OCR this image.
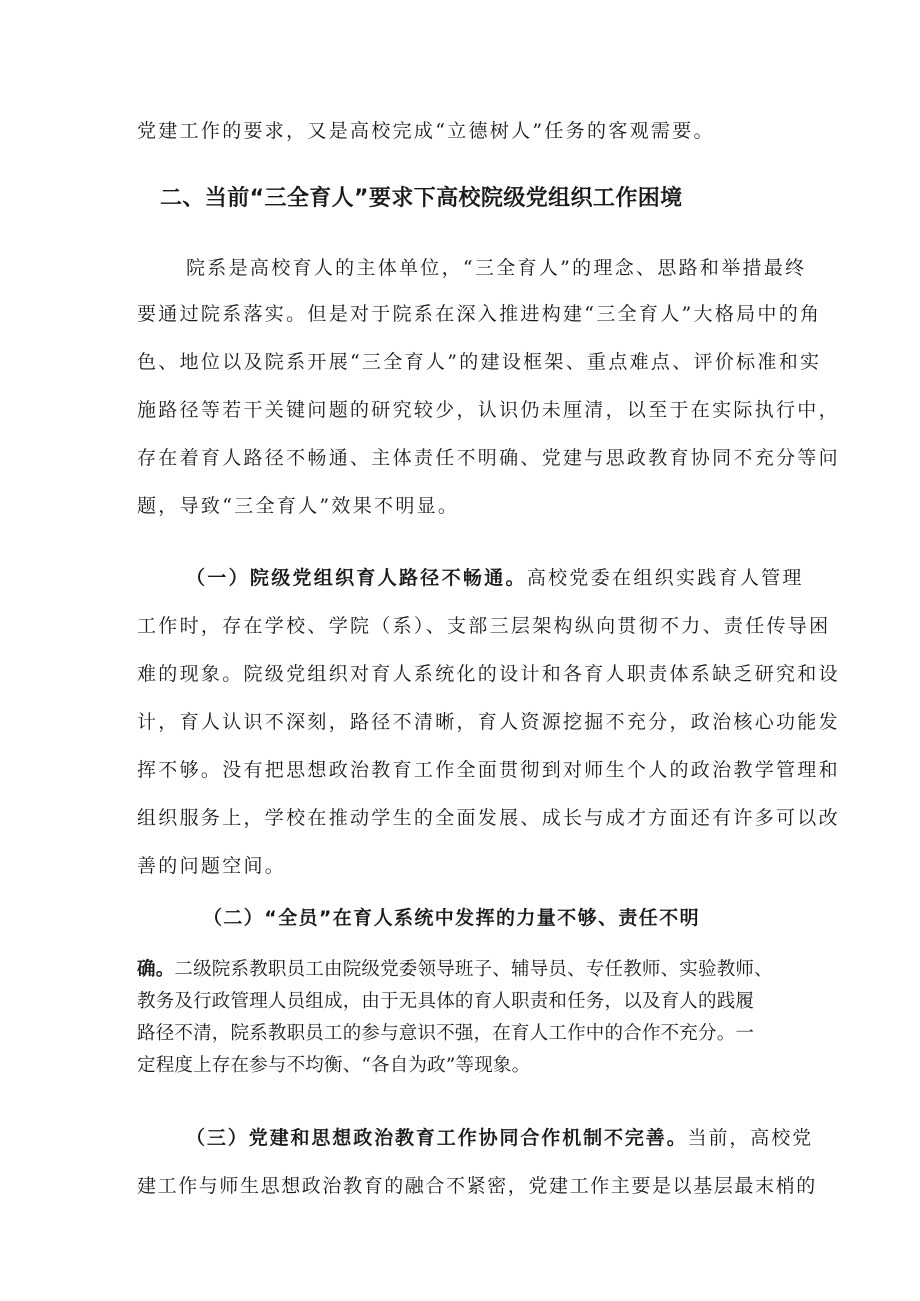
党建工作的要求，又是高校完成“立德树人”任务的客观需要。
二、当前“三全育人”要求下高校院级党组织工作困境
院系是高校育人的主体单位，“三全育人”的理念、思路和举措最终
要通过院系落实。但是对于院系在深入推进构建“三全育人”大格局中的角
色、地位以及院系开展“三全育人”的建设框架、重点难点、评价标准和实
施路径等若干关键问题的研究较少，认识仍未厘清，以至于在实际执行中，
存在着育人路径不畅通、主体责任不明确、党建与思政教育协同不充分等问
题，导致“三全育人”效果不明显。
（一）院级党组织育人路径不畅通。高校党委在组织实践育人管理
工作时，存在学校、学院（系）、支部三层架构纵向贯彻不力、责任传导困
难的现象。院级党组织对育人系统化的设计和各育人职责体系缺乏研究和设
计，育人认识不深刻，路径不清晰，育人资源挖掘不充分，政治核心功能发
挥不够。没有把思想政治教育工作全面贯彻到对师生个人的政治教学管理和
组织服务上，学校在推动学生的全面发展、成长与成才方面还有许多可以改
善的问题空间。
（二）“全员”在育人系统中发挥的力量不够、责任不明
确。二级院系教职员工由院级党委领导班子、辅导员、专任教师、实验教师、
教务及行政管理人员组成，由于无具体的育人职责和任务，以及育人的践履
路径不清，院系教职员工的参与意识不强，在育人工作中的合作不充分。一
定程度上存在参与不均衡、“各自为政”等现象。
（三）党建和思想政治教育工作协同合作机制不完善。当前，高校党
建工作与师生思想政治教育的融合不紧密，党建工作主要是以基层最末梢的
